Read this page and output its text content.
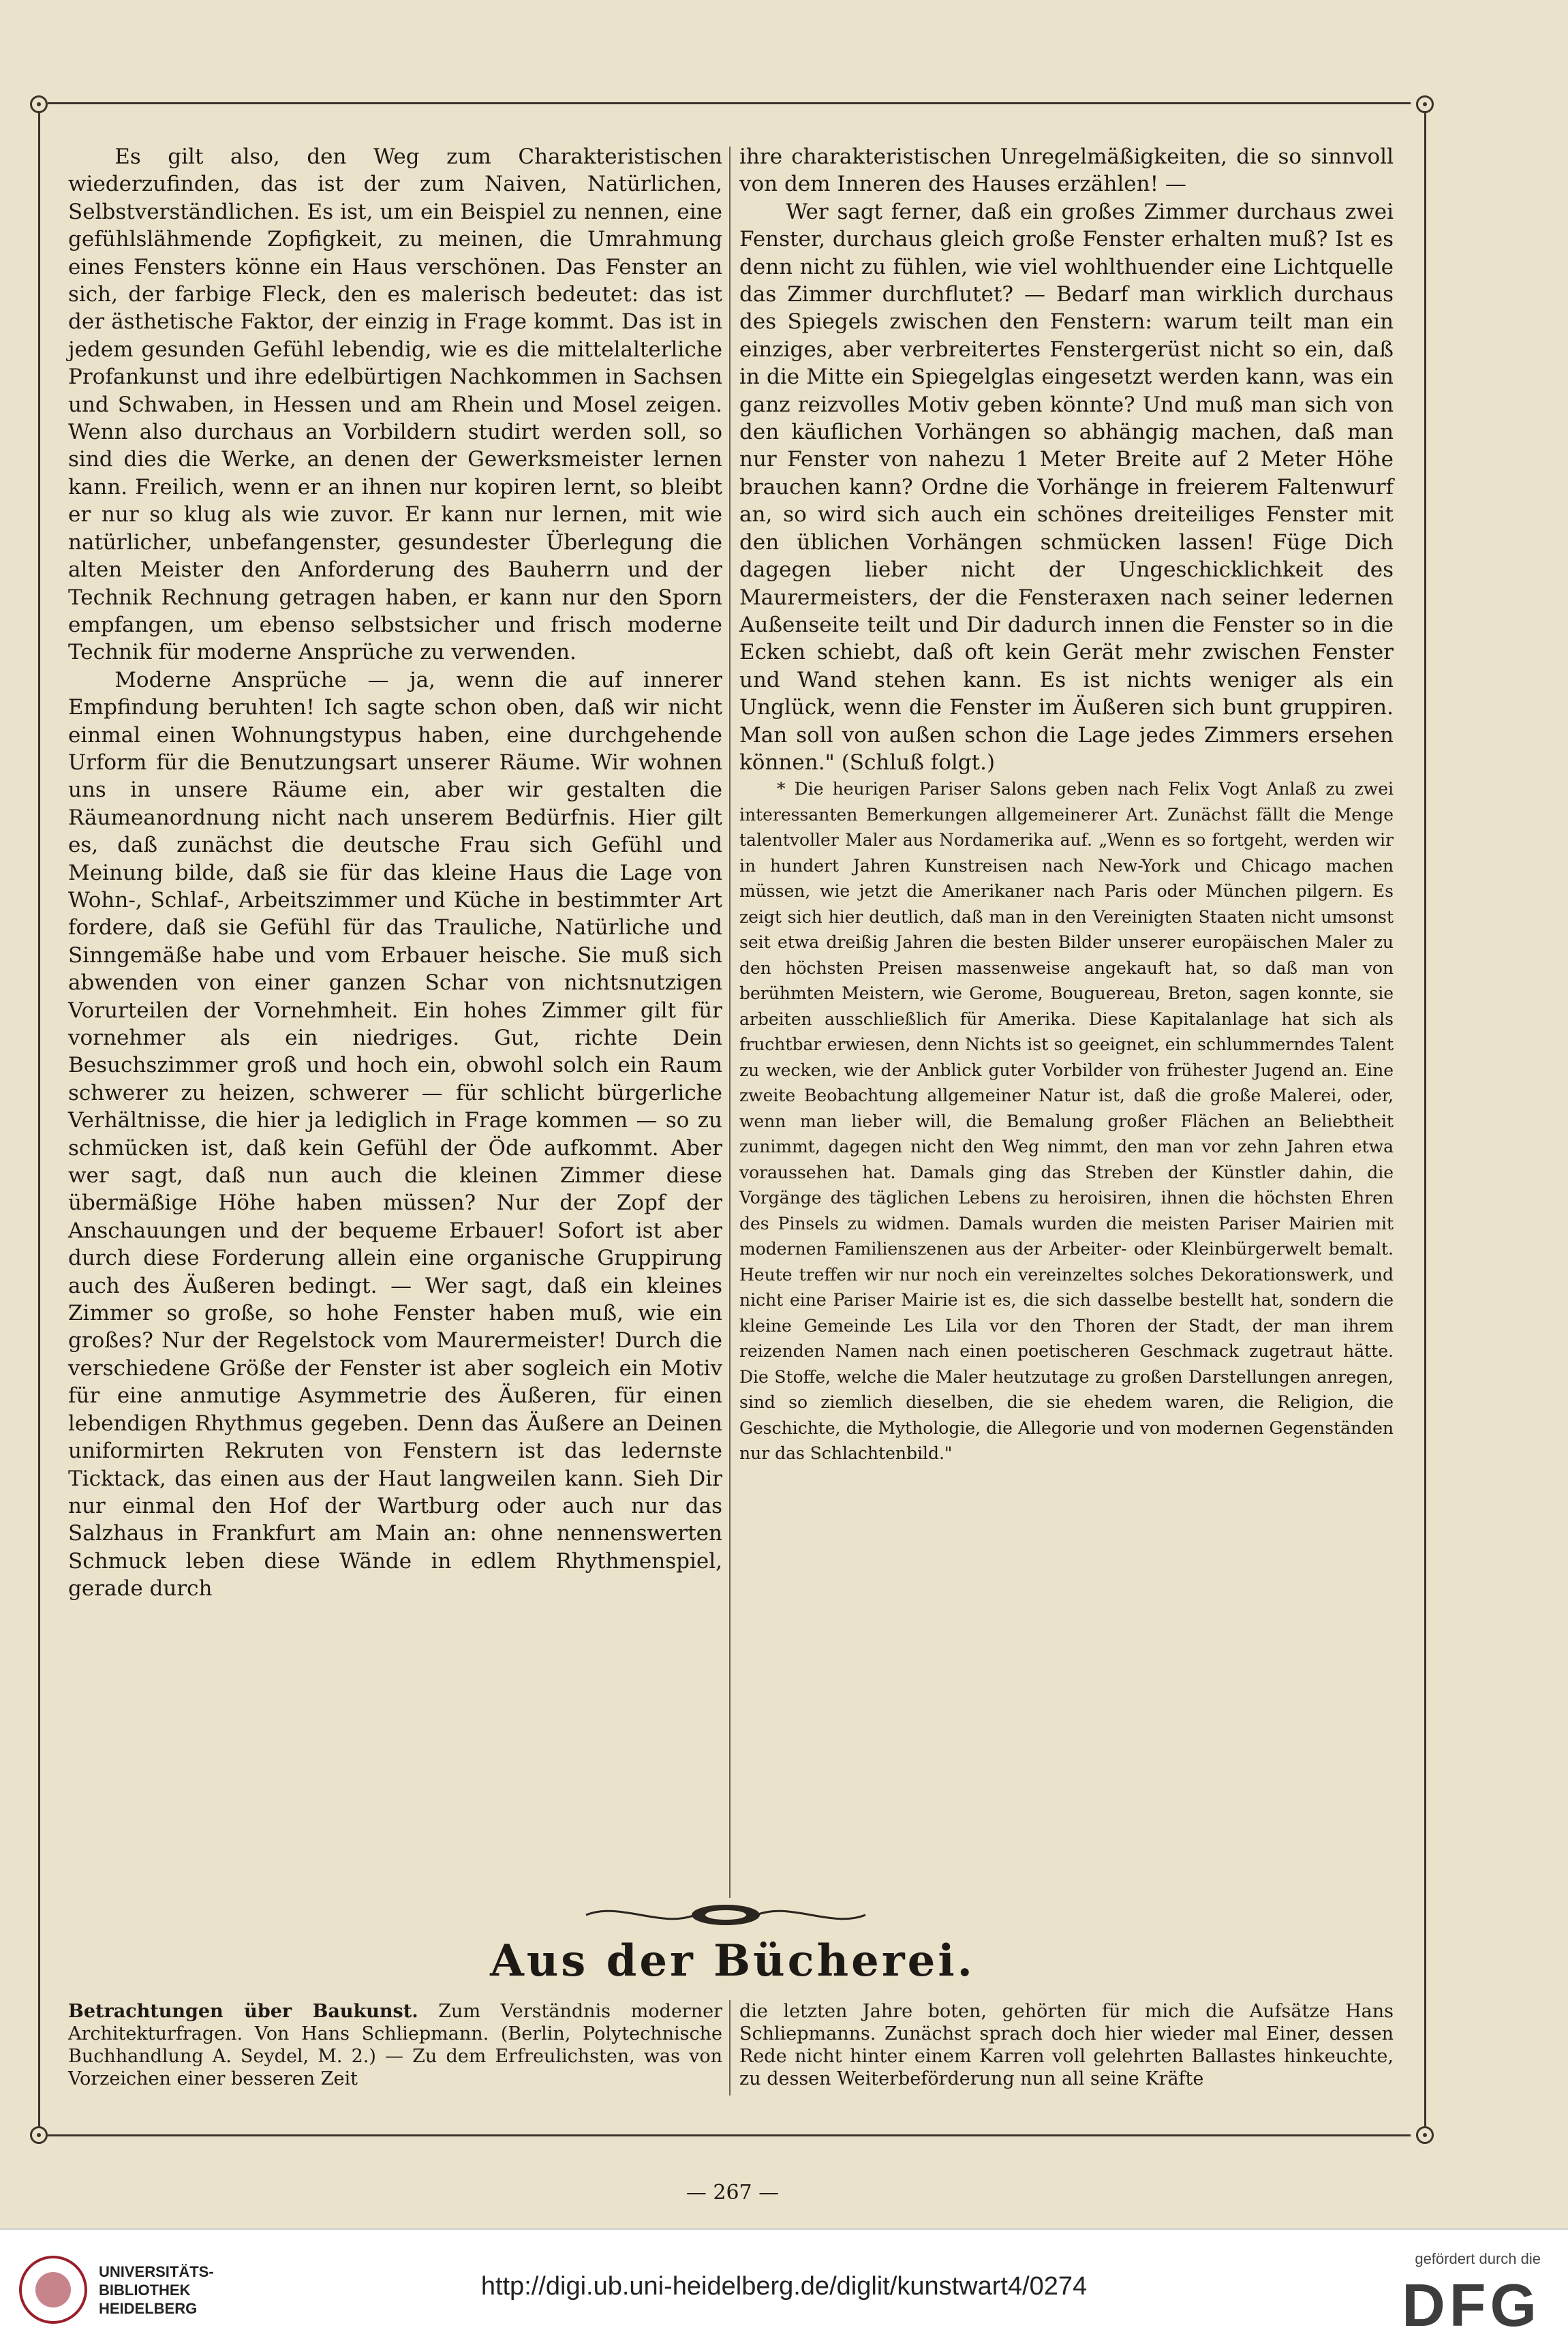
Es gilt also, den Weg zum Charakteristischen wiederzufinden, das ist der zum Naiven, Natürlichen, Selbstverständlichen. Es ist, um ein Beispiel zu nennen, eine gefühlslähmende Zopfigkeit, zu meinen, die Umrahmung eines Fensters könne ein Haus verschönen. Das Fenster an sich, der farbige Fleck, den es malerisch bedeutet: das ist der ästhetische Faktor, der einzig in Frage kommt. Das ist in jedem gesunden Gefühl lebendig, wie es die mittelalterliche Profankunst und ihre edelbürtigen Nachkommen in Sachsen und Schwaben, in Hessen und am Rhein und Mosel zeigen. Wenn also durchaus an Vorbildern studirt werden soll, so sind dies die Werke, an denen der Gewerksmeister lernen kann. Freilich, wenn er an ihnen nur kopiren lernt, so bleibt er nur so klug als wie zuvor. Er kann nur lernen, mit wie natürlicher, unbefangenster, gesundester Überlegung die alten Meister den Anforderung des Bauherrn und der Technik Rechnung getragen haben, er kann nur den Sporn empfangen, um ebenso selbstsicher und frisch moderne Technik für moderne Ansprüche zu verwenden.

Moderne Ansprüche — ja, wenn die auf innerer Empfindung beruhten! Ich sagte schon oben, daß wir nicht einmal einen Wohnungstypus haben, eine durchgehende Urform für die Benutzungsart unserer Räume. Wir wohnen uns in unsere Räume ein, aber wir gestalten die Räumeanordnung nicht nach unserem Bedürfnis. Hier gilt es, daß zunächst die deutsche Frau sich Gefühl und Meinung bilde, daß sie für das kleine Haus die Lage von Wohn-, Schlaf-, Arbeitszimmer und Küche in bestimmter Art fordere, daß sie Gefühl für das Trauliche, Natürliche und Sinngemäße habe und vom Erbauer heische. Sie muß sich abwenden von einer ganzen Schar von nichtsnutzigen Vorurteilen der Vornehmheit. Ein hohes Zimmer gilt für vornehmer als ein niedriges. Gut, richte Dein Besuchszimmer groß und hoch ein, obwohl solch ein Raum schwerer zu heizen, schwerer — für schlicht bürgerliche Verhältnisse, die hier ja lediglich in Frage kommen — so zu schmücken ist, daß kein Gefühl der Öde aufkommt. Aber wer sagt, daß nun auch die kleinen Zimmer diese übermäßige Höhe haben müssen? Nur der Zopf der Anschauungen und der bequeme Erbauer! Sofort ist aber durch diese Forderung allein eine organische Gruppirung auch des Äußeren bedingt. — Wer sagt, daß ein kleines Zimmer so große, so hohe Fenster haben muß, wie ein großes? Nur der Regelstock vom Maurermeister! Durch die verschiedene Größe der Fenster ist aber sogleich ein Motiv für eine anmutige Asymmetrie des Äußeren, für einen lebendigen Rhythmus gegeben. Denn das Äußere an Deinen uniformirten Rekruten von Fenstern ist das ledernste Ticktack, das einen aus der Haut langweilen kann. Sieh Dir nur einmal den Hof der Wartburg oder auch nur das Salzhaus in Frankfurt am Main an: ohne nennenswerten Schmuck leben diese Wände in edlem Rhythmenspiel, gerade durch

ihre charakteristischen Unregelmäßigkeiten, die so sinnvoll von dem Inneren des Hauses erzählen! —

Wer sagt ferner, daß ein großes Zimmer durchaus zwei Fenster, durchaus gleich große Fenster erhalten muß? Ist es denn nicht zu fühlen, wie viel wohlthuender eine Lichtquelle das Zimmer durchflutet? — Bedarf man wirklich durchaus des Spiegels zwischen den Fenstern: warum teilt man ein einziges, aber verbreitertes Fenstergerüst nicht so ein, daß in die Mitte ein Spiegelglas eingesetzt werden kann, was ein ganz reizvolles Motiv geben könnte? Und muß man sich von den käuflichen Vorhängen so abhängig machen, daß man nur Fenster von nahezu 1 Meter Breite auf 2 Meter Höhe brauchen kann? Ordne die Vorhänge in freierem Faltenwurf an, so wird sich auch ein schönes dreiteiliges Fenster mit den üblichen Vorhängen schmücken lassen! Füge Dich dagegen lieber nicht der Ungeschicklichkeit des Maurermeisters, der die Fensteraxen nach seiner ledernen Außenseite teilt und Dir dadurch innen die Fenster so in die Ecken schiebt, daß oft kein Gerät mehr zwischen Fenster und Wand stehen kann. Es ist nichts weniger als ein Unglück, wenn die Fenster im Äußeren sich bunt gruppiren. Man soll von außen schon die Lage jedes Zimmers ersehen können." (Schluß folgt.)

* Die heurigen Pariser Salons geben nach Felix Vogt Anlaß zu zwei interessanten Bemerkungen allgemeinerer Art. Zunächst fällt die Menge talentvoller Maler aus Nordamerika auf. „Wenn es so fortgeht, werden wir in hundert Jahren Kunstreisen nach New-York und Chicago machen müssen, wie jetzt die Amerikaner nach Paris oder München pilgern. Es zeigt sich hier deutlich, daß man in den Vereinigten Staaten nicht umsonst seit etwa dreißig Jahren die besten Bilder unserer europäischen Maler zu den höchsten Preisen massenweise angekauft hat, so daß man von berühmten Meistern, wie Gerome, Bouguereau, Breton, sagen konnte, sie arbeiten ausschließlich für Amerika. Diese Kapitalanlage hat sich als fruchtbar erwiesen, denn Nichts ist so geeignet, ein schlummerndes Talent zu wecken, wie der Anblick guter Vorbilder von frühester Jugend an. Eine zweite Beobachtung allgemeiner Natur ist, daß die große Malerei, oder, wenn man lieber will, die Bemalung großer Flächen an Beliebtheit zunimmt, dagegen nicht den Weg nimmt, den man vor zehn Jahren etwa voraussehen hat. Damals ging das Streben der Künstler dahin, die Vorgänge des täglichen Lebens zu heroisiren, ihnen die höchsten Ehren des Pinsels zu widmen. Damals wurden die meisten Pariser Mairien mit modernen Familienszenen aus der Arbeiter- oder Kleinbürgerwelt bemalt. Heute treffen wir nur noch ein vereinzeltes solches Dekorationswerk, und nicht eine Pariser Mairie ist es, die sich dasselbe bestellt hat, sondern die kleine Gemeinde Les Lila vor den Thoren der Stadt, der man ihrem reizenden Namen nach einen poetischeren Geschmack zugetraut hätte. Die Stoffe, welche die Maler heutzutage zu großen Darstellungen anregen, sind so ziemlich dieselben, die sie ehedem waren, die Religion, die Geschichte, die Mythologie, die Allegorie und von modernen Gegenständen nur das Schlachtenbild."

Aus der Bücherei.

Betrachtungen über Baukunst. Zum Verständnis moderner Architekturfragen. Von Hans Schliepmann. (Berlin, Polytechnische Buchhandlung A. Seydel, M. 2.) — Zu dem Erfreulichsten, was von Vorzeichen einer besseren Zeit

die letzten Jahre boten, gehörten für mich die Aufsätze Hans Schliepmanns. Zunächst sprach doch hier wieder mal Einer, dessen Rede nicht hinter einem Karren voll gelehrten Ballastes hinkeuchte, zu dessen Weiterbeförderung nun all seine Kräfte

— 267 —
UNIVERSITÄTS-
BIBLIOTHEK
HEIDELBERG
http://digi.ub.uni-heidelberg.de/diglit/kunstwart4/0274
gefördert durch die
DFG
